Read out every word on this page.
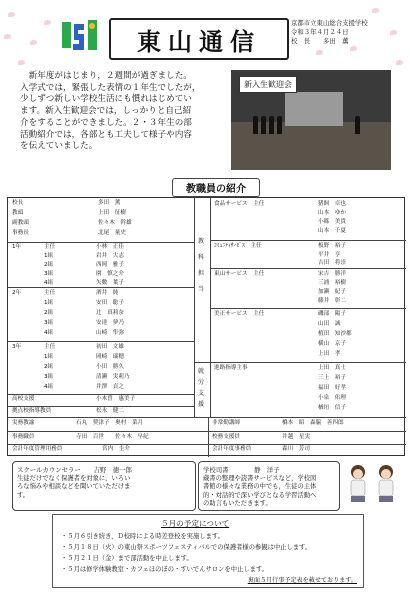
東山通信
京都市立東山総合支援学校
令和３年４月２４日
校　長　　多田　薫
　新年度がはじまり，２週間が過ぎました。
入学式では，緊張した表情の１年生でしたが，
少しずつ新しい学校生活にも慣れはじめてい
ます。新入生歓迎会では，しっかりと自己紹
介をすることができました。２・３年生の部
活動紹介では，各部とも工夫して様子や内容
を伝えていました。
新入生歓迎会
教職員の紹介
校長	多田　薫
教頭	上田　征樹
副教頭	佐々木　幹雄
事務長	北尾　量史
1年	主任	小林　正佳
1組	岩井　大志
2組	西岡　雅子
3組	園　慎之介
4組	矢數　葉子
2年	主任	酒井　純
1組	安田　聡子
2組	辻　真莉奈
3組	安達　夢乃
4組	山崎　隼弥
3年	主任	初田　文雄
1組	岡崎　瑞穂
2組	小田　勝久
3組	清瀬　実莉乃
4組	井澤　貞之
高校支援	小木曽　惠美子
拠点校指導教員	松永　健二
教科担当
就労支援
食品サービス　主任	猪飼　卓也
山本　ゆか
小篠　美貴
山本　千夏
ｺﾐｭﾆﾃｨｻｰﾋﾞｽ　主任	板野　裕子
平井　亨
吉田　将崇
東山サービス　主任	宋吉　勝洋
三浦　裕樹
加瀬　紀子
藤井　彰二
美正サービス　主任	磯部　陽子
山田　誠
植田　知沙都
横山　京子
上田　孝
進路指導主事	上田　真士
三上　裕子
福田　好孝
小泉　佑理
楢垣　信子
実務教諭	石丸　奨津子　奥村　菜月	非常勤講師	橋本　昭　森脇　善四郎
事務職員	寺田　百世　　佐々木　早紀	校務支援員	井越　星実
会計年度管理用務員	宮内　圭介	会計年度事務員	森川　芳司
スクールカウンセラー　　吉野　徳一郎
生徒だけでなく保護者を対象に，いろい
ろな悩みや相談などを聞いていただけま
す。
学校司書　　　　静　洋子
蔵書の整理や読書サービスなど，学校図
書館の様々な業務の中でも，生徒の主体
的・対話的で深い学びとなる学習活動へ
の助言もいただきます。
５月の予定について
・５月６引き続き，Ｄ校時による時差登校を実施します。
・５月１８日（火）の東山祭スポーツフェスティバルでの保護者様の参観は中止します。
・５月２１日（金）まで部活動を中止します。
・５月は修学体験教室・カフェほのぼの・すいでんサロンを中止します。
裏面５月行事予定表を載せております。
